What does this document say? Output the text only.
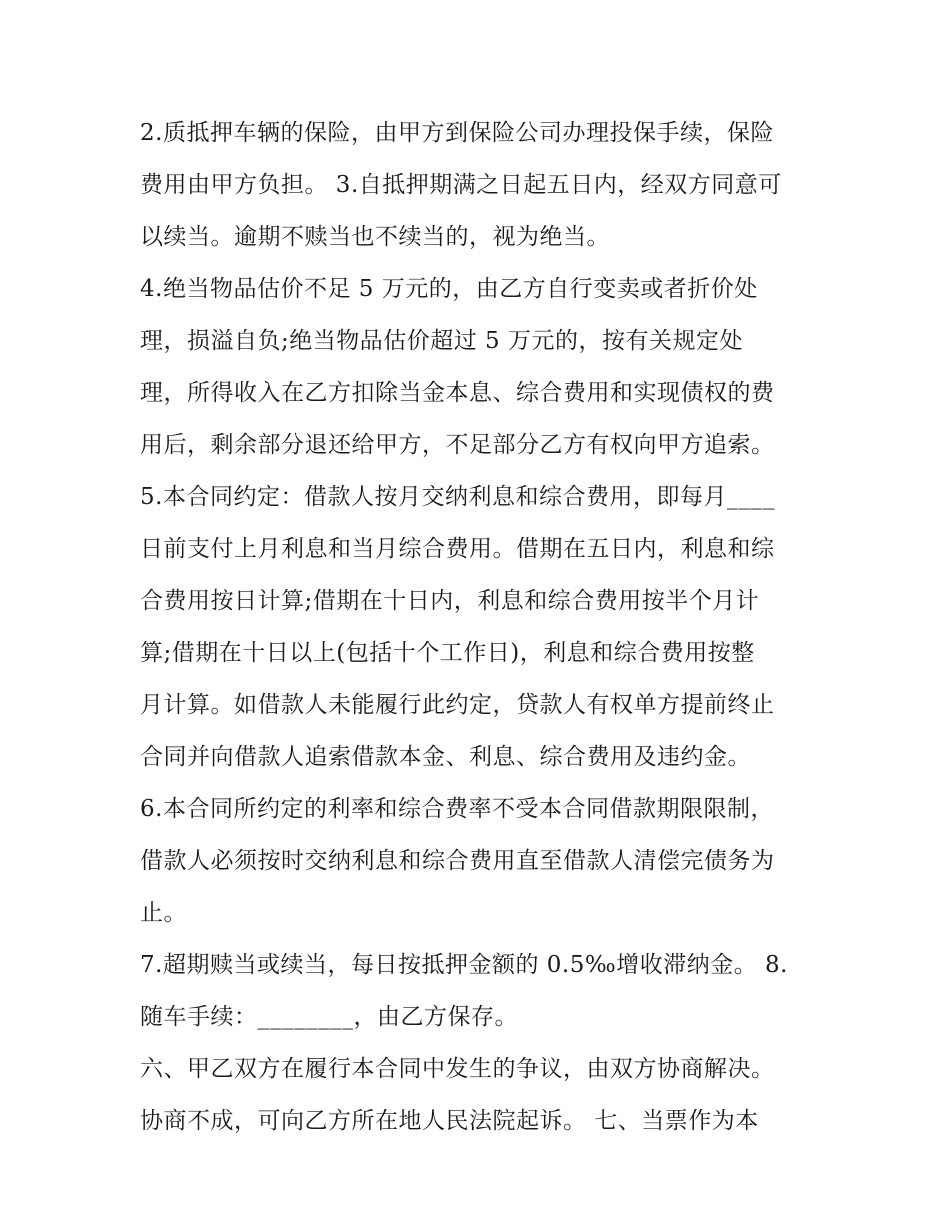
2.质抵押车辆的保险，由甲方到保险公司办理投保手续，保险
费用由甲方负担。 3.自抵押期满之日起五日内，经双方同意可
以续当。逾期不赎当也不续当的，视为绝当。
4.绝当物品估价不足 5 万元的，由乙方自行变卖或者折价处
理，损溢自负;绝当物品估价超过 5 万元的，按有关规定处
理，所得收入在乙方扣除当金本息、综合费用和实现债权的费
用后，剩余部分退还给甲方，不足部分乙方有权向甲方追索。
5.本合同约定：借款人按月交纳利息和综合费用，即每月____
日前支付上月利息和当月综合费用。借期在五日内，利息和综
合费用按日计算;借期在十日内，利息和综合费用按半个月计
算;借期在十日以上(包括十个工作日)，利息和综合费用按整
月计算。如借款人未能履行此约定，贷款人有权单方提前终止
合同并向借款人追索借款本金、利息、综合费用及违约金。
6.本合同所约定的利率和综合费率不受本合同借款期限限制，
借款人必须按时交纳利息和综合费用直至借款人清偿完债务为
止。
7.超期赎当或续当，每日按抵押金额的 0.5‰增收滞纳金。 8.
随车手续：________，由乙方保存。
六、甲乙双方在履行本合同中发生的争议，由双方协商解决。
协商不成，可向乙方所在地人民法院起诉。 七、当票作为本
